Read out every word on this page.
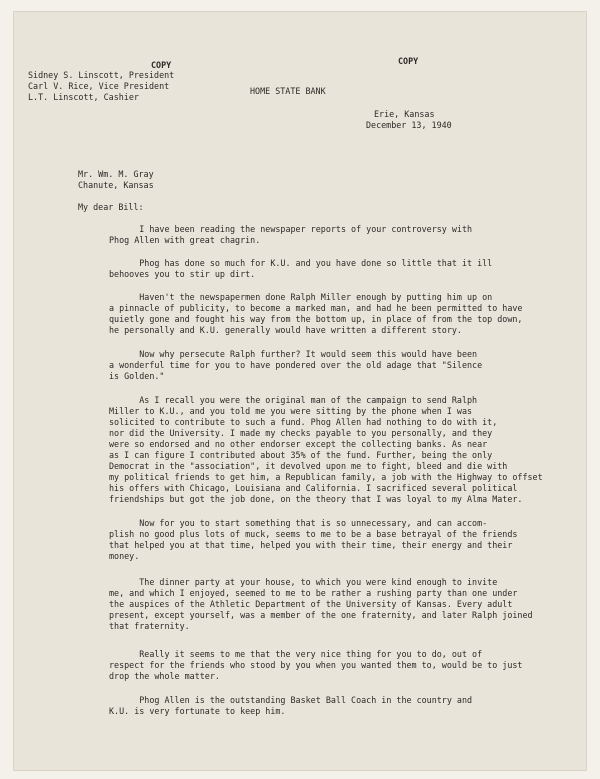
COPY	COPY
Sidney S. Linscott, President
Carl V. Rice, Vice President
L.T. Linscott, Cashier
HOME STATE BANK
Erie, Kansas
December 13, 1940
Mr. Wm. M. Gray
Chanute, Kansas
My dear Bill:
I have been reading the newspaper reports of your controversy with
Phog Allen with great chagrin.
Phog has done so much for K.U. and you have done so little that it ill
behooves you to stir up dirt.
Haven't the newspapermen done Ralph Miller enough by putting him up on
a pinnacle of publicity, to become a marked man, and had he been permitted to have
quietly gone and fought his way from the bottom up, in place of from the top down,
he personally and K.U. generally would have written a different story.
Now why persecute Ralph further? It would seem this would have been
a wonderful time for you to have pondered over the old adage that "Silence
is Golden."
As I recall you were the original man of the campaign to send Ralph
Miller to K.U., and you told me you were sitting by the phone when I was
solicited to contribute to such a fund. Phog Allen had nothing to do with it,
nor did the University. I made my checks payable to you personally, and they
were so endorsed and no other endorser except the collecting banks. As near
as I can figure I contributed about 35% of the fund. Further, being the only
Democrat in the "association", it devolved upon me to fight, bleed and die with
my political friends to get him, a Republican family, a job with the Highway to offset
his offers with Chicago, Louisiana and California. I sacrificed several political
friendships but got the job done, on the theory that I was loyal to my Alma Mater.
Now for you to start something that is so unnecessary, and can accom-
plish no good plus lots of muck, seems to me to be a base betrayal of the friends
that helped you at that time, helped you with their time, their energy and their
money.
The dinner party at your house, to which you were kind enough to invite
me, and which I enjoyed, seemed to me to be rather a rushing party than one under
the auspices of the Athletic Department of the University of Kansas. Every adult
present, except yourself, was a member of the one fraternity, and later Ralph joined
that fraternity.
Really it seems to me that the very nice thing for you to do, out of
respect for the friends who stood by you when you wanted them to, would be to just
drop the whole matter.
Phog Allen is the outstanding Basket Ball Coach in the country and
K.U. is very fortunate to keep him.
